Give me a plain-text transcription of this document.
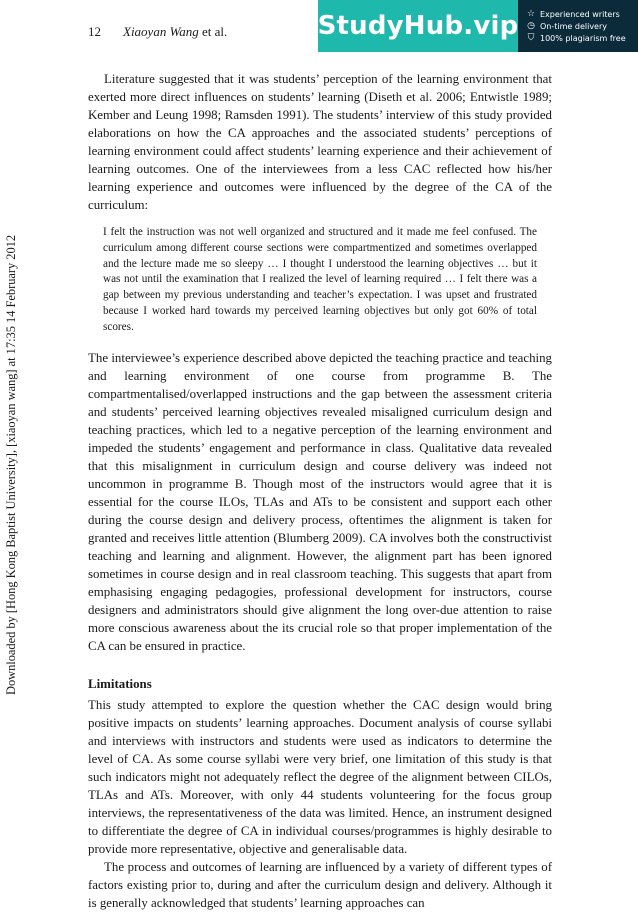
StudyHub.vip ☆ Experienced writers
◷ On-time delivery
⛉ 100% plagiarism free
Downloaded by [Hong Kong Baptist University], [xiaoyan wang] at 17:35 14 February 2012
12 Xiaoyan Wang et al.

Literature suggested that it was students’ perception of the learning environment that exerted more direct influences on students’ learning (Diseth et al. 2006; Entwistle 1989; Kember and Leung 1998; Ramsden 1991). The students’ interview of this study provided elaborations on how the CA approaches and the associated students’ perceptions of learning environment could affect students’ learning experience and their achievement of learning outcomes. One of the interviewees from a less CAC reflected how his/her learning experience and outcomes were influenced by the degree of the CA of the curriculum:

I felt the instruction was not well organized and structured and it made me feel confused. The curriculum among different course sections were compartmentized and sometimes overlapped and the lecture made me so sleepy … I thought I understood the learning objectives … but it was not until the examination that I realized the level of learning required … I felt there was a gap between my previous understanding and teacher’s expectation. I was upset and frustrated because I worked hard towards my perceived learning objectives but only got 60% of total scores.

The interviewee’s experience described above depicted the teaching practice and teaching and learning environment of one course from programme B. The compartmentalised/overlapped instructions and the gap between the assessment criteria and students’ perceived learning objectives revealed misaligned curriculum design and teaching practices, which led to a negative perception of the learning environment and impeded the students’ engagement and performance in class. Qualitative data revealed that this misalignment in curriculum design and course delivery was indeed not uncommon in programme B. Though most of the instructors would agree that it is essential for the course ILOs, TLAs and ATs to be consistent and support each other during the course design and delivery process, oftentimes the alignment is taken for granted and receives little attention (Blumberg 2009). CA involves both the constructivist teaching and learning and alignment. However, the alignment part has been ignored sometimes in course design and in real classroom teaching. This suggests that apart from emphasising engaging pedagogies, professional development for instructors, course designers and administrators should give alignment the long over-due attention to raise more conscious awareness about the its crucial role so that proper implementation of the CA can be ensured in practice.

Limitations

This study attempted to explore the question whether the CAC design would bring positive impacts on students’ learning approaches. Document analysis of course syllabi and interviews with instructors and students were used as indicators to determine the level of CA. As some course syllabi were very brief, one limitation of this study is that such indicators might not adequately reflect the degree of the alignment between CILOs, TLAs and ATs. Moreover, with only 44 students volunteering for the focus group interviews, the representativeness of the data was limited. Hence, an instrument designed to differentiate the degree of CA in individual courses/programmes is highly desirable to provide more representative, objective and generalisable data.

The process and outcomes of learning are influenced by a variety of different types of factors existing prior to, during and after the curriculum design and delivery. Although it is generally acknowledged that students’ learning approaches can
